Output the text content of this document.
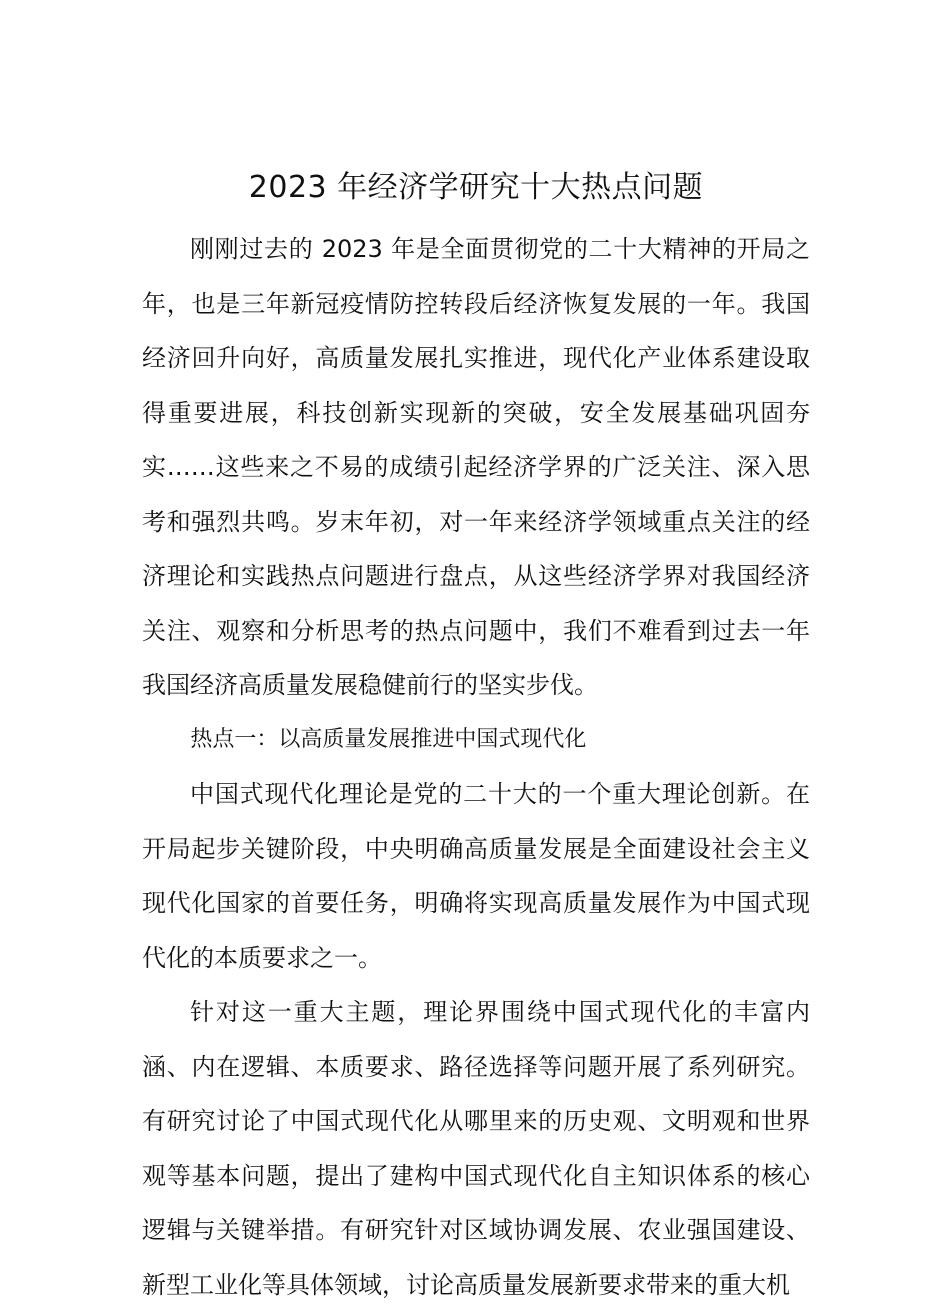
2023 年经济学研究十大热点问题

刚刚过去的 2023 年是全面贯彻党的二十大精神的开局之年，也是三年新冠疫情防控转段后经济恢复发展的一年。我国经济回升向好，高质量发展扎实推进，现代化产业体系建设取得重要进展，科技创新实现新的突破，安全发展基础巩固夯实……这些来之不易的成绩引起经济学界的广泛关注、深入思考和强烈共鸣。岁末年初，对一年来经济学领域重点关注的经济理论和实践热点问题进行盘点，从这些经济学界对我国经济关注、观察和分析思考的热点问题中，我们不难看到过去一年我国经济高质量发展稳健前行的坚实步伐。

热点一：以高质量发展推进中国式现代化

中国式现代化理论是党的二十大的一个重大理论创新。在开局起步关键阶段，中央明确高质量发展是全面建设社会主义现代化国家的首要任务，明确将实现高质量发展作为中国式现代化的本质要求之一。

针对这一重大主题，理论界围绕中国式现代化的丰富内涵、内在逻辑、本质要求、路径选择等问题开展了系列研究。有研究讨论了中国式现代化从哪里来的历史观、文明观和世界观等基本问题，提出了建构中国式现代化自主知识体系的核心逻辑与关键举措。有研究针对区域协调发展、农业强国建设、新型工业化等具体领域，讨论高质量发展新要求带来的重大机
